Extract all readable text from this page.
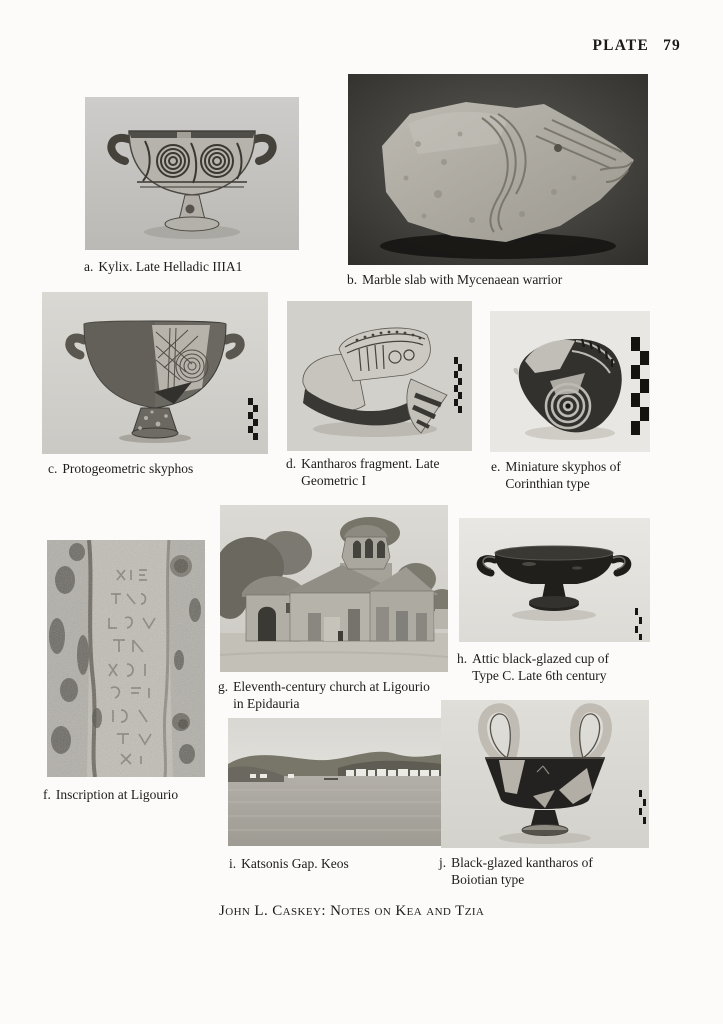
PLATE 79
a. Kylix. Late Helladic IIIA1
b. Marble slab with Mycenaean warrior
c. Protogeometric skyphos	d. Kantharos fragment. Late
Geometric I
e. Miniature skyphos of
Corinthian type
f. Inscription at Ligourio
g. Eleventh-century church at Ligourio
in Epidauria
h. Attic black-glazed cup of
Type C. Late 6th century
i. Katsonis Gap. Keos	j. Black-glazed kantharos of
Boiotian type
John L. Caskey: Notes on Kea and Tzia
